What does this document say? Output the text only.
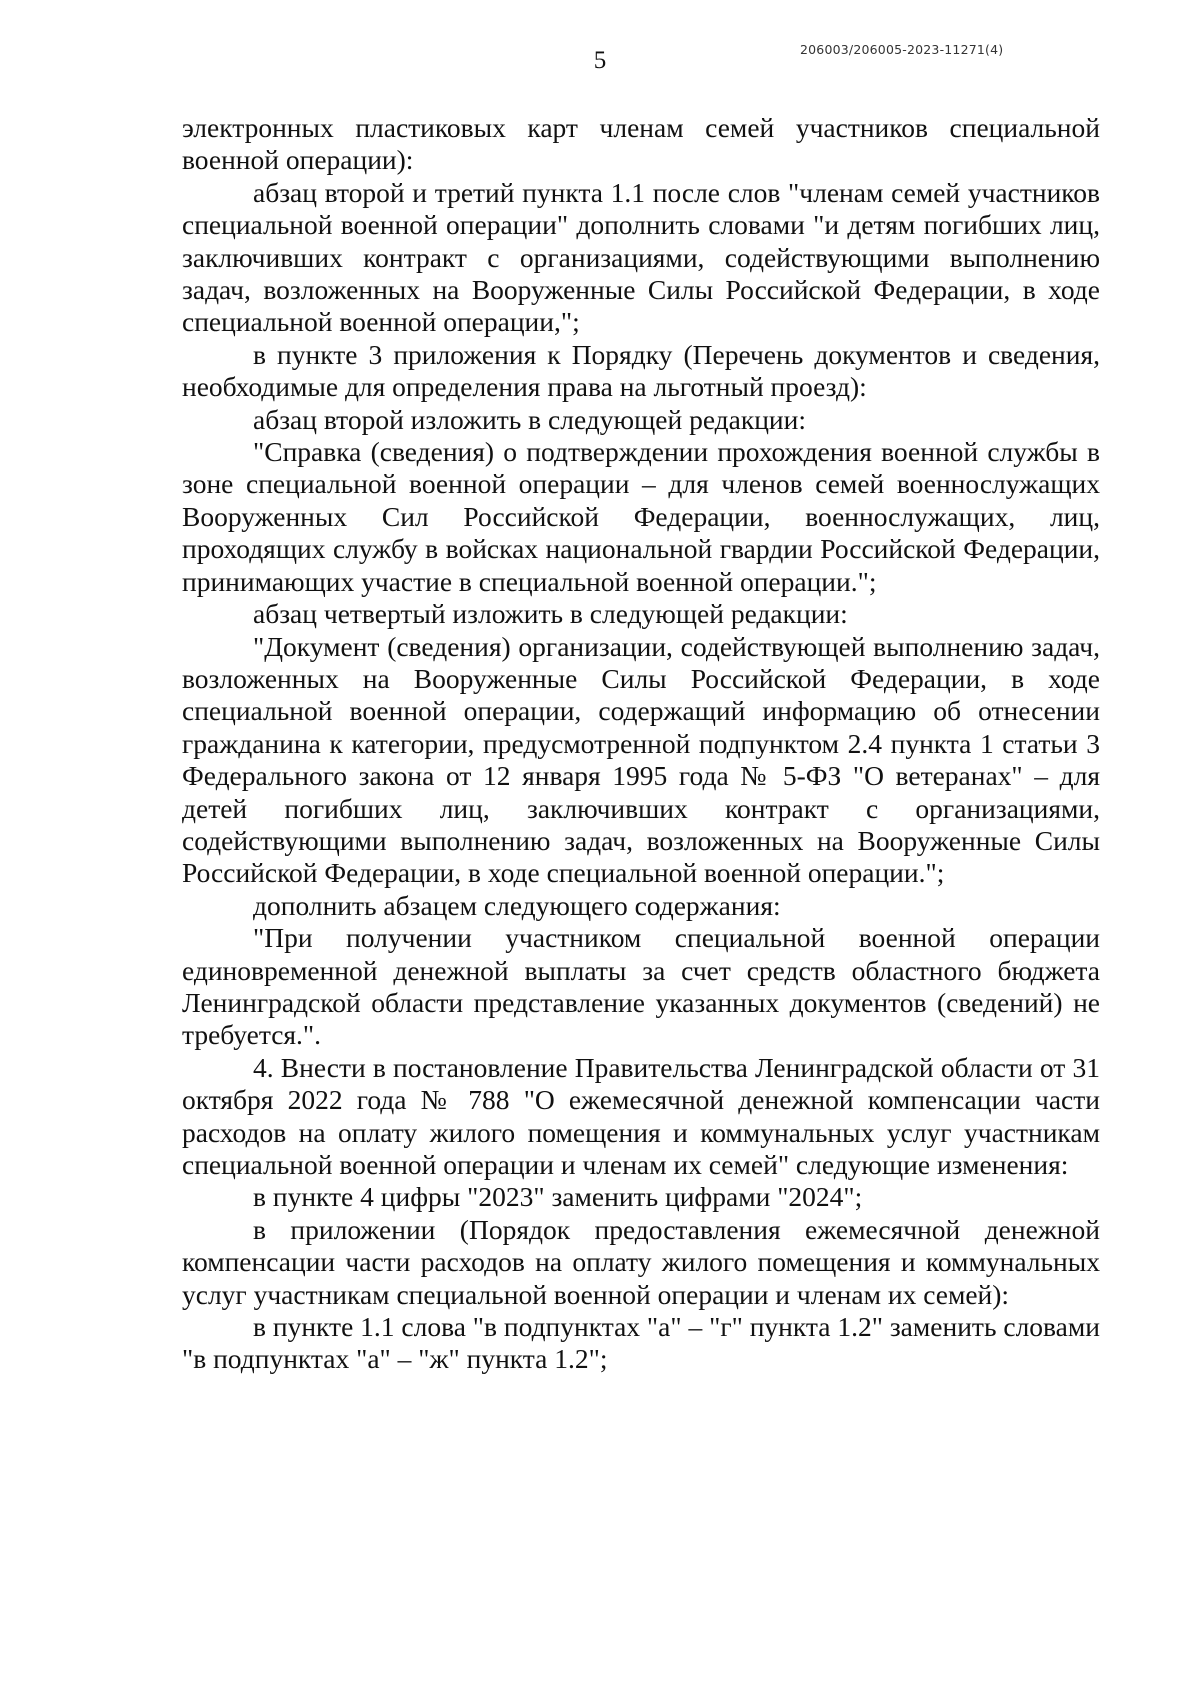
206003/206005-2023-11271(4)
5

электронных пластиковых карт членам семей участников специальной военной операции):

абзац второй и третий пункта 1.1 после слов "членам семей участников специальной военной операции" дополнить словами "и детям погибших лиц, заключивших контракт с организациями, содействующими выполнению задач, возложенных на Вооруженные Силы Российской Федерации, в ходе специальной военной операции,";

в пункте 3 приложения к Порядку (Перечень документов и сведения, необходимые для определения права на льготный проезд):

абзац второй изложить в следующей редакции:

"Справка (сведения) о подтверждении прохождения военной службы в зоне специальной военной операции – для членов семей военнослужащих Вооруженных Сил Российской Федерации, военнослужащих, лиц, проходящих службу в войсках национальной гвардии Российской Федерации, принимающих участие в специальной военной операции.";

абзац четвертый изложить в следующей редакции:

"Документ (сведения) организации, содействующей выполнению задач, возложенных на Вооруженные Силы Российской Федерации, в ходе специальной военной операции, содержащий информацию об отнесении гражданина к категории, предусмотренной подпунктом 2.4 пункта 1 статьи 3 Федерального закона от 12 января 1995 года № 5-ФЗ "О ветеранах" – для детей погибших лиц, заключивших контракт с организациями, содействующими выполнению задач, возложенных на Вооруженные Силы Российской Федерации, в ходе специальной военной операции.";

дополнить абзацем следующего содержания:

"При получении участником специальной военной операции единовременной денежной выплаты за счет средств областного бюджета Ленинградской области представление указанных документов (сведений) не требуется.".

4. Внести в постановление Правительства Ленинградской области от 31 октября 2022 года № 788 "О ежемесячной денежной компенсации части расходов на оплату жилого помещения и коммунальных услуг участникам специальной военной операции и членам их семей" следующие изменения:

в пункте 4 цифры "2023" заменить цифрами "2024";

в приложении (Порядок предоставления ежемесячной денежной компенсации части расходов на оплату жилого помещения и коммунальных услуг участникам специальной военной операции и членам их семей):

в пункте 1.1 слова "в подпунктах "а" – "г" пункта 1.2" заменить словами "в подпунктах "а" – "ж" пункта 1.2";
